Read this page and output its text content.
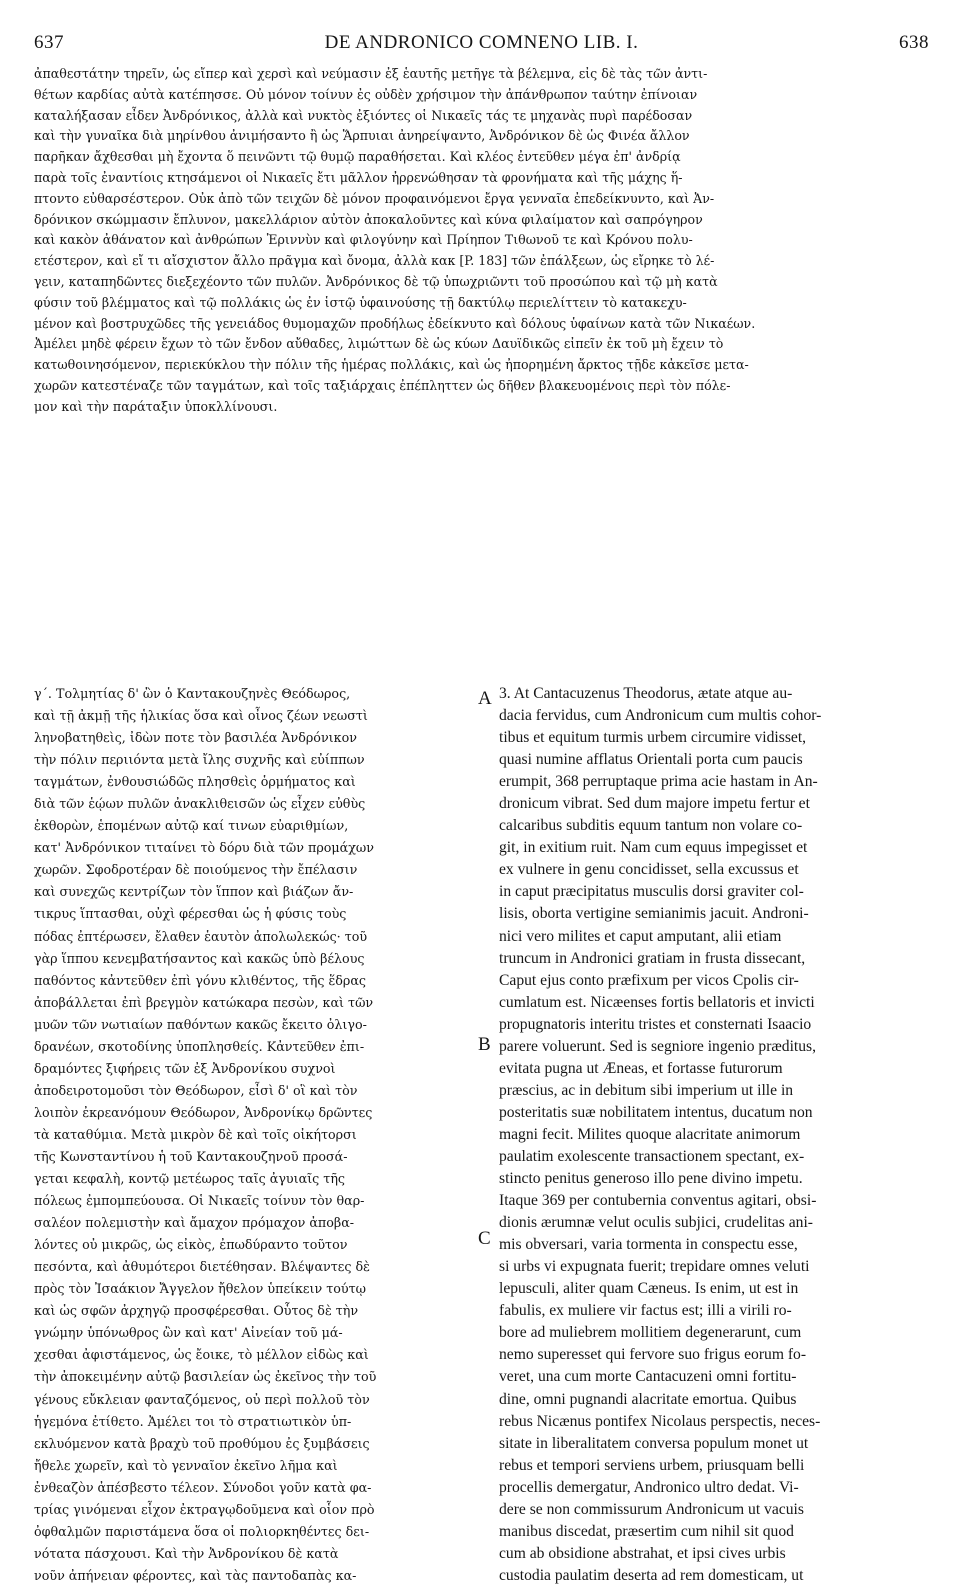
637	DE ANDRONICO COMNENO LIB. I.	638
ἀπαθεστάτην τηρεῖν, ὡς εἴπερ καὶ χερσὶ καὶ νεύμασιν ἐξ ἑαυτῆς μετῆγε τὰ βέλεμνα, εἰς δὲ τὰς τῶν ἀντι-
θέτων καρδίας αὐτὰ κατέπησσε. Οὐ μόνον τοίνυν ἐς οὐδὲν χρήσιμον τὴν ἀπάνθρωπον ταύτην ἐπίνοιαν
καταλήξασαν εἶδεν Ἀνδρόνικος, ἀλλὰ καὶ νυκτὸς ἐξιόντες οἱ Νικαεῖς τάς τε μηχανὰς πυρὶ παρέδοσαν
καὶ τὴν γυναῖκα διὰ μηρίνθου ἀνιμήσαντο ἢ ὡς Ἅρπυιαι ἀνηρείψαντο, Ἀνδρόνικον δὲ ὡς Φινέα ἄλλον
παρῆκαν ἄχθεσθαι μὴ ἔχοντα ὅ πεινῶντι τῷ θυμῷ παραθήσεται. Καὶ κλέος ἐντεῦθεν μέγα ἐπ' ἀνδρίᾳ
παρὰ τοῖς ἐναντίοις κτησάμενοι οἱ Νικαεῖς ἔτι μᾶλλον ἠρρενώθησαν τὰ φρονήματα καὶ τῆς μάχης ἥ-
πτοντο εὐθαρσέστερον. Οὐκ ἀπὸ τῶν τειχῶν δὲ μόνον προφαινόμενοι ἔργα γενναῖα ἐπεδείκνυντο, καὶ Ἀν-
δρόνικον σκώμμασιν ἔπλυνον, μακελλάριον αὐτὸν ἀποκαλοῦντες καὶ κύνα φιλαίματον καὶ σαπρόγηρον
καὶ κακὸν ἀθάνατον καὶ ἀνθρώπων Ἐριννὺν καὶ φιλογύνην καὶ Πρίηπον Τιθωνοῦ τε καὶ Κρόνου πολυ-
ετέστερον, καὶ εἴ τι αἴσχιστον ἄλλο πρᾶγμα καὶ ὄνομα, ἀλλὰ κακ [P. 183] τῶν ἐπάλξεων, ὡς εἴρηκε τὸ λέ-
γειν, καταπηδῶντες διεξεχέοντο τῶν πυλῶν. Ἀνδρόνικος δὲ τῷ ὑπωχριῶντι τοῦ προσώπου καὶ τῷ μὴ κατὰ
φύσιν τοῦ βλέμματος καὶ τῷ πολλάκις ὡς ἐν ἱστῷ ὑφαινούσης τῇ δακτύλῳ περιελίττειν τὸ κατακεχυ-
μένον καὶ βοστρυχῶδες τῆς γενειάδος θυμομαχῶν προδήλως ἐδείκνυτο καὶ δόλους ὑφαίνων κατὰ τῶν Νικαέων.
Ἀμέλει μηδὲ φέρειν ἔχων τὸ τῶν ἔνδον αὔθαδες, λιμώττων δὲ ὡς κύων Δαυϊδικῶς εἰπεῖν ἐκ τοῦ μὴ ἔχειν τὸ
κατωθοινησόμενον, περιεκύκλου τὴν πόλιν τῆς ἡμέρας πολλάκις, καὶ ὡς ἠπορημένη ἄρκτος τῇδε κἀκεῖσε μετα-
χωρῶν κατεστέναζε τῶν ταγμάτων, καὶ τοῖς ταξιάρχαις ἐπέπληττεν ὡς δῆθεν βλακευομένοις περὶ τὸν πόλε-
μον καὶ τὴν παράταξιν ὑποκλλίνουσι.
γ΄. Τολμητίας δ' ὢν ὁ Καντακουζηνὲς Θεόδωρος,
καὶ τῇ ἀκμῇ τῆς ἡλικίας ὅσα καὶ οἶνος ζέων νεωστὶ
ληνοβατηθεὶς, ἰδὼν ποτε τὸν βασιλέα Ἀνδρόνικον
τὴν πόλιν περιιόντα μετὰ ἴλης συχνῆς καὶ εὐίππων
ταγμάτων, ἐνθουσιώδῶς πλησθεὶς ὁρμήματος καὶ
διὰ τῶν ἑῴων πυλῶν ἀνακλιθεισῶν ὡς εἶχεν εὐθὺς
ἐκθορὼν, ἑπομένων αὐτῷ καί τινων εὐαριθμίων,
κατ' Ἀνδρόνικον τιταίνει τὸ δόρυ διὰ τῶν προμάχων
χωρῶν. Σφοδροτέραν δὲ ποιούμενος τὴν ἔπέλασιν
καὶ συνεχῶς κεντρίζων τὸν ἵππον καὶ βιάζων ἄν-
τικρυς ἵπτασθαι, οὐχὶ φέρεσθαι ὡς ἡ φύσις τοὺς
πόδας ἐπτέρωσεν, ἔλαθεν ἑαυτὸν ἀπολωλεκώς· τοῦ
γὰρ ἵππου κενεμβατήσαντος καὶ κακῶς ὑπὸ βέλους
παθόντος κἀντεῦθεν ἐπὶ γόνυ κλιθέντος, τῆς ἕδρας
ἀποβάλλεται ἐπὶ βρεγμὸν κατώκαρα πεσὼν, καὶ τῶν
μυῶν τῶν νωτιαίων παθόντων κακῶς ἔκειτο ὀλιγο-
δρανέων, σκοτοδίνης ὑποπλησθείς. Κἀντεῦθεν ἐπι-
δραμόντες ξιφήρεις τῶν ἐξ Ἀνδρονίκου συχνοὶ
ἀποδειροτομοῦσι τὸν Θεόδωρον, εἶσὶ δ' οἳ καὶ τὸν
λοιπὸν ἐκρεανόμουν Θεόδωρον, Ἀνδρονίκῳ δρῶντες
τὰ καταθύμια. Μετὰ μικρὸν δὲ καὶ τοῖς οἰκήτορσι
τῆς Κωνσταντίνου ἡ τοῦ Καντακουζηνοῦ προσά-
γεται κεφαλὴ, κοντῷ μετέωρος ταῖς ἀγυιαῖς τῆς
πόλεως ἐμπομπεύουσα. Οἱ Νικαεῖς τοίνυν τὸν θαρ-
σαλέον πολεμιστὴν καὶ ἄμαχον πρόμαχον ἀποβα-
λόντες οὐ μικρῶς, ὡς εἰκὸς, ἐπωδύραντο τοῦτον
πεσόντα, καὶ ἀθυμότεροι διετέθησαν. Βλέψαντες δὲ
πρὸς τὸν Ἰσαάκιον Ἄγγελον ἤθελον ὑπείκειν τούτῳ
καὶ ὡς σφῶν ἀρχηγῷ προσφέρεσθαι. Οὗτος δὲ τὴν
γνώμην ὑπόνωθρος ὢν καὶ κατ' Αἰνείαν τοῦ μά-
χεσθαι ἀφιστάμενος, ὡς ἔοικε, τὸ μέλλον εἰδὼς καὶ
τὴν ἀποκειμένην αὐτῷ βασιλείαν ὡς ἐκεῖνος τὴν τοῦ
γένους εὔκλειαν φανταζόμενος, οὐ περὶ πολλοῦ τὸν
ἡγεμόνα ἐτίθετο. Ἀμέλει τοι τὸ στρατιωτικὸν ὑπ-
εκλυόμενον κατὰ βραχὺ τοῦ προθύμου ἐς ξυμβάσεις
ἤθελε χωρεῖν, καὶ τὸ γενναῖον ἐκεῖνο λῆμα καὶ
ἐνθεαζὸν ἀπέσβεστο τέλεον. Σύνοδοι γοῦν κατὰ φα-
τρίας γινόμεναι εἶχον ἐκτραγῳδοῦμενα καὶ οἷον πρὸ
ὀφθαλμῶν παριστάμενα ὅσα οἱ πολιορκηθέντες δει-
νότατα πάσχουσι. Καὶ τὴν Ἀνδρονίκου δὲ κατὰ
νοῦν ἀπήνειαν φέροντες, καὶ τὰς παντοδαπὰς κα-
3. At Cantacuzenus Theodorus, ætate atque au-
dacia fervidus, cum Andronicum cum multis cohor-
tibus et equitum turmis urbem circumire vidisset,
quasi numine afflatus Orientali porta cum paucis
erumpit, 368 perruptaque prima acie hastam in An-
dronicum vibrat. Sed dum majore impetu fertur et
calcaribus subditis equum tantum non volare co-
git, in exitium ruit. Nam cum equus impegisset et
ex vulnere in genu concidisset, sella excussus et
in caput præcipitatus musculis dorsi graviter col-
lisis, oborta vertigine semianimis jacuit. Androni-
nici vero milites et caput amputant, alii etiam
truncum in Andronici gratiam in frusta dissecant,
Caput ejus conto præfixum per vicos Cpolis cir-
cumlatum est. Nicæenses fortis bellatoris et invicti
propugnatoris interitu tristes et consternati Isaacio
parere voluerunt. Sed is segniore ingenio præditus,
evitata pugna ut Æneas, et fortasse futurorum
præscius, ac in debitum sibi imperium ut ille in
posteritatis suæ nobilitatem intentus, ducatum non
magni fecit. Milites quoque alacritate animorum
paulatim exolescente transactionem spectant, ex-
stincto penitus generoso illo pene divino impetu.
Itaque 369 per contubernia conventus agitari, obsi-
dionis ærumnæ velut oculis subjici, crudelitas ani-
mis obversari, varia tormenta in conspectu esse,
si urbs vi expugnata fuerit; trepidare omnes veluti
lepusculi, aliter quam Cæneus. Is enim, ut est in
fabulis, ex muliere vir factus est; illi a virili ro-
bore ad muliebrem mollitiem degenerarunt, cum
nemo superesset qui fervore suo frigus eorum fo-
veret, una cum morte Cantacuzeni omni fortitu-
dine, omni pugnandi alacritate emortua. Quibus
rebus Nicænus pontifex Nicolaus perspectis, neces-
sitate in liberalitatem conversa populum monet ut
rebus et tempori serviens urbem, priusquam belli
procellis demergatur, Andronico ultro dedat. Vi-
dere se non commissurum Andronicum ut vacuis
manibus discedat, præsertim cum nihil sit quod
cum ab obsidione abstrahat, et ipsi cives urbis
custodia paulatim deserta ad rem domesticam, ut
A
B
C
